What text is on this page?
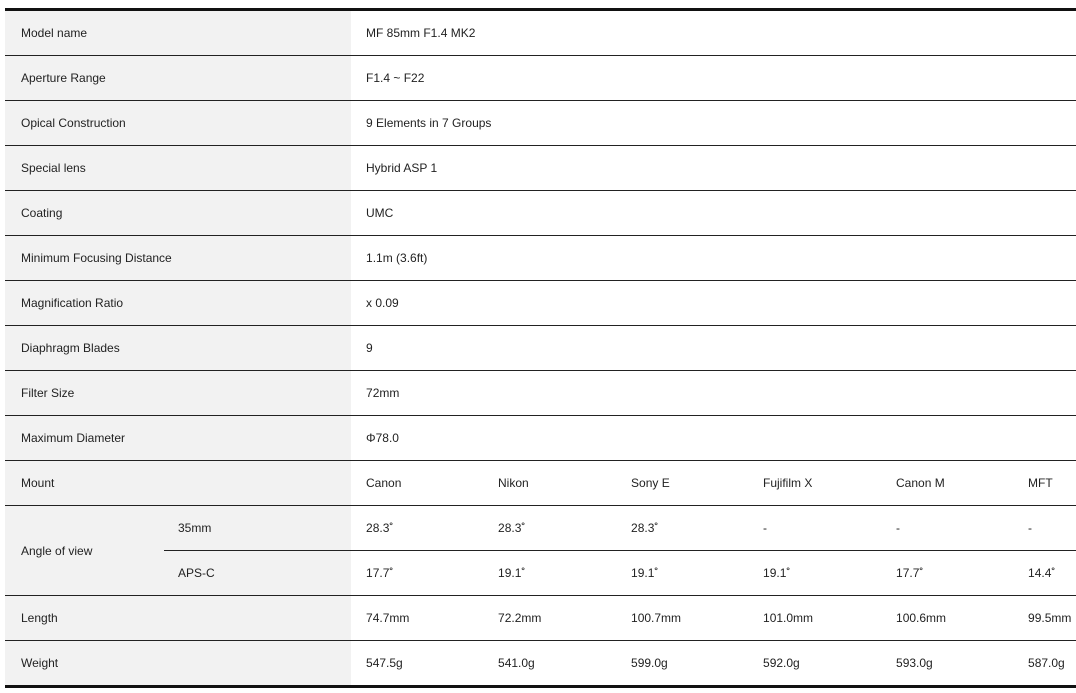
Model name		MF 85mm F1.4 MK2					
Aperture Range		F1.4 ~ F22					
Opical Construction		9 Elements in 7 Groups					
Special lens		Hybrid ASP 1					
Coating		UMC					
Minimum Focusing Distance		1.1m (3.6ft)					
Magnification Ratio		x 0.09					
Diaphragm Blades		9					
Filter Size		72mm					
Maximum Diameter		Φ78.0					
Mount		Canon	Nikon	Sony E	Fujifilm X	Canon M	MFT
Angle of view	35mm	28.3˚	28.3˚	28.3˚	-	-	-
	APS-C	17.7˚	19.1˚	19.1˚	19.1˚	17.7˚	14.4˚
Length		74.7mm	72.2mm	100.7mm	101.0mm	100.6mm	99.5mm
Weight		547.5g	541.0g	599.0g	592.0g	593.0g	587.0g
